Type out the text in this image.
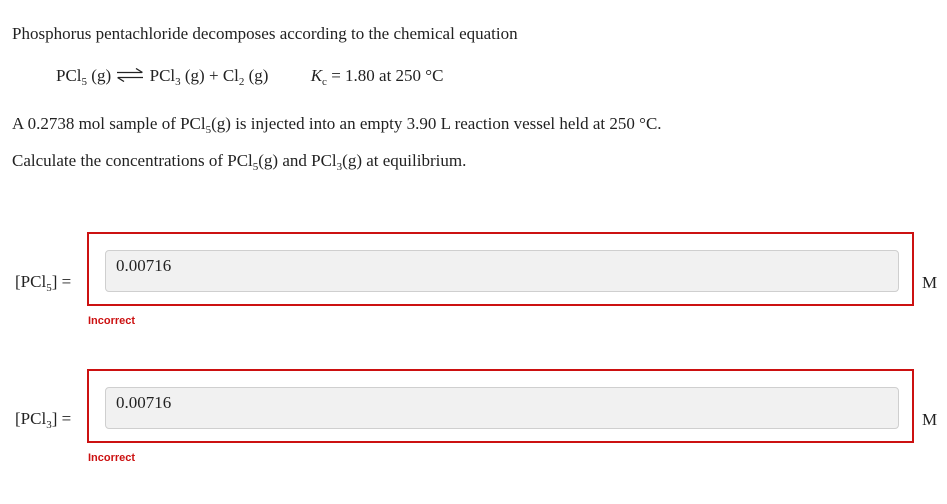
Phosphorus pentachloride decomposes according to the chemical equation
PCl$_5$ (g) ⇌ PCl$_3$ $(g) + Cl_2$ (g) $K_c = 1.80$ at 250 °C
A 0.2738 mol sample of PCl$_5$(g) is injected into an empty 3.90 L reaction vessel held at 250 °C.
Calculate the concentrations of PCl$_5$(g) and PCl$_3$(g) at equilibrium.
[PCl$_5$] =
0.00716
M
Incorrect
[PCl$_3$] =
0.00716
M
Incorrect
